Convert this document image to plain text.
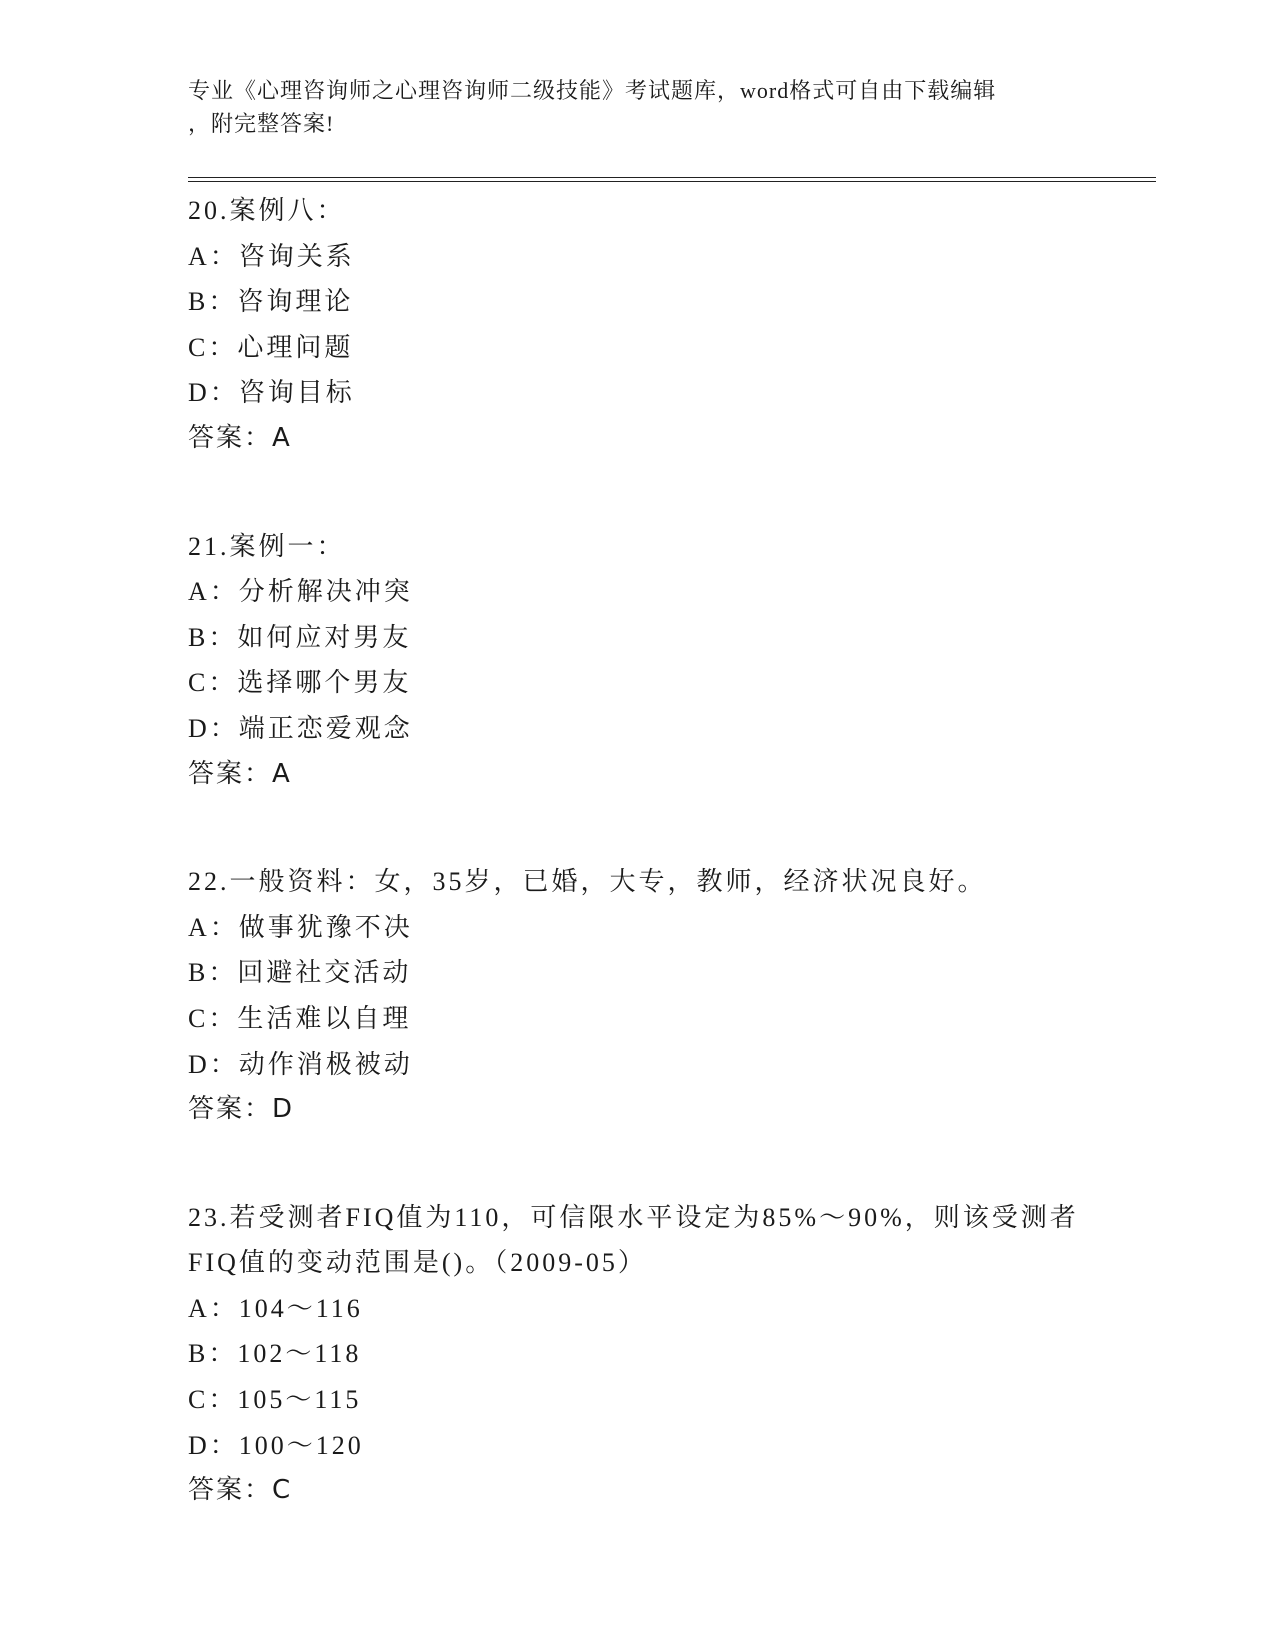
专业《心理咨询师之心理咨询师二级技能》考试题库，word格式可自由下载编辑
，附完整答案!
20.案例八：
A：咨询关系
B：咨询理论
C：心理问题
D：咨询目标
答案：A
21.案例一：
A：分析解决冲突
B：如何应对男友
C：选择哪个男友
D：端正恋爱观念
答案：A
22.一般资料：女，35岁，已婚，大专，教师，经济状况良好。
A：做事犹豫不决
B：回避社交活动
C：生活难以自理
D：动作消极被动
答案：D
23.若受测者FIQ值为110，可信限水平设定为85%～90%，则该受测者
FIQ值的变动范围是()。（2009-05）
A：104～116
B：102～118
C：105～115
D：100～120
答案：C
